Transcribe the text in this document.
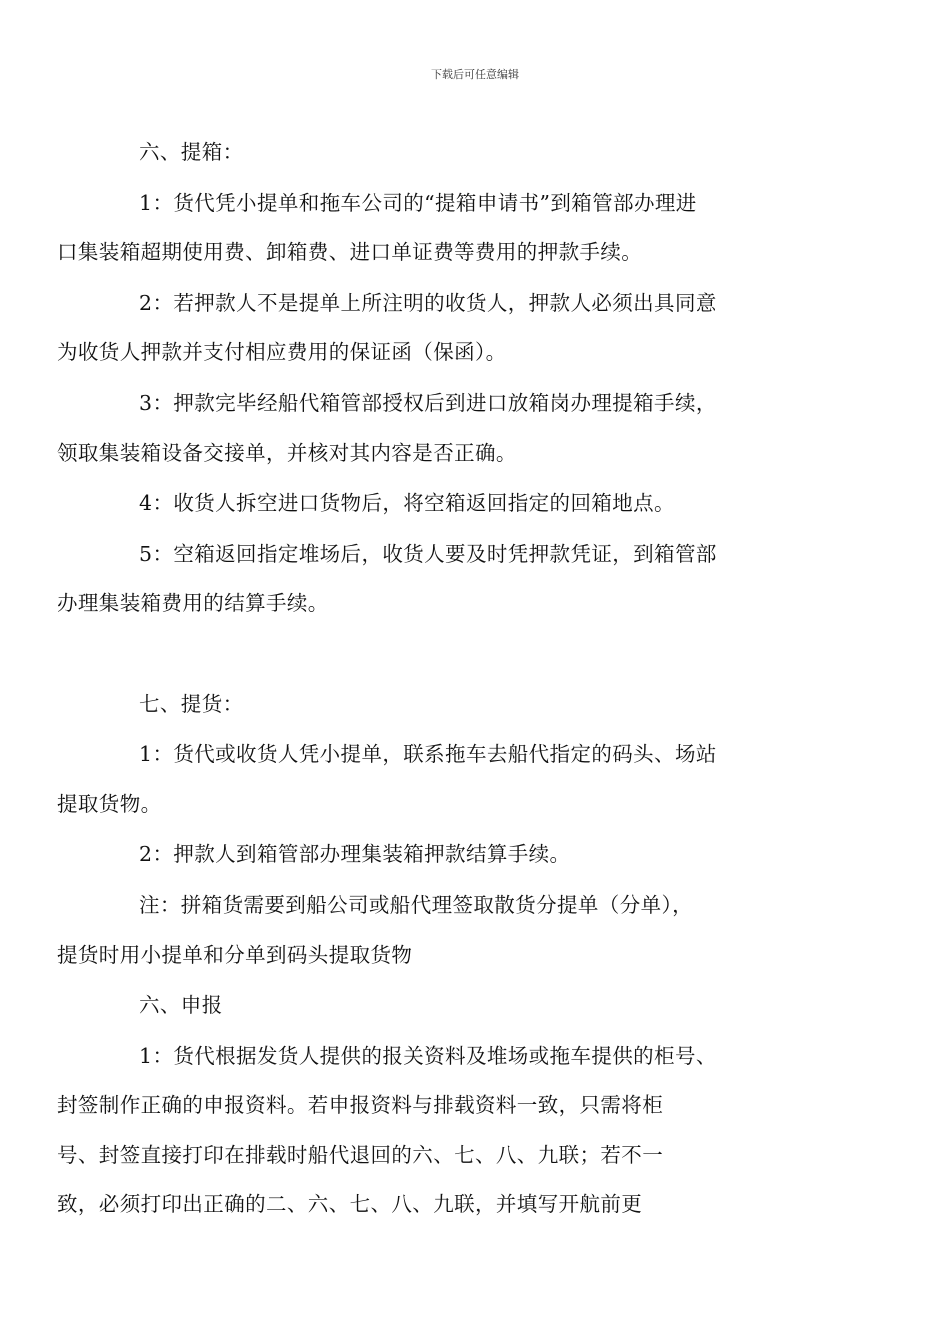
下载后可任意编辑

六、提箱：

1：货代凭小提单和拖车公司的“提箱申请书”到箱管部办理进
口集装箱超期使用费、卸箱费、进口单证费等费用的押款手续。

2：若押款人不是提单上所注明的收货人，押款人必须出具同意
为收货人押款并支付相应费用的保证函（保函）。

3：押款完毕经船代箱管部授权后到进口放箱岗办理提箱手续，
领取集装箱设备交接单，并核对其内容是否正确。

4：收货人拆空进口货物后，将空箱返回指定的回箱地点。

5：空箱返回指定堆场后，收货人要及时凭押款凭证，到箱管部
办理集装箱费用的结算手续。

七、提货：

1：货代或收货人凭小提单，联系拖车去船代指定的码头、场站
提取货物。

2：押款人到箱管部办理集装箱押款结算手续。

注：拼箱货需要到船公司或船代理签取散货分提单（分单），
提货时用小提单和分单到码头提取货物

六、申报

1：货代根据发货人提供的报关资料及堆场或拖车提供的柜号、
封签制作正确的申报资料。若申报资料与排载资料一致，只需将柜
号、封签直接打印在排载时船代退回的六、七、八、九联；若不一
致，必须打印出正确的二、六、七、八、九联，并填写开航前更
